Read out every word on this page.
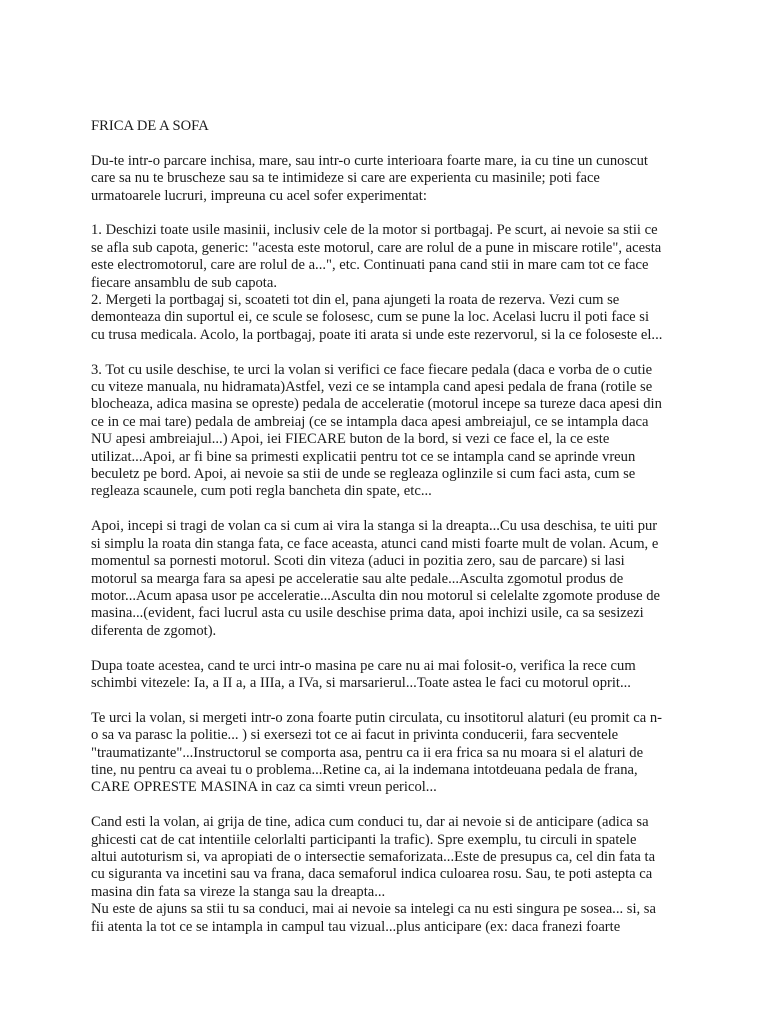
FRICA DE A SOFA

Du-te intr-o parcare inchisa, mare, sau intr-o curte interioara foarte mare, ia cu tine un cunoscut care sa nu te bruscheze sau sa te intimideze si care are experienta cu masinile; poti face urmatoarele lucruri, impreuna cu acel sofer experimentat:

1. Deschizi toate usile masinii, inclusiv cele de la motor si portbagaj. Pe scurt, ai nevoie sa stii ce se afla sub capota, generic: "acesta este motorul, care are rolul de a pune in miscare rotile", acesta este electromotorul, care are rolul de a...", etc. Continuati pana cand stii in mare cam tot ce face fiecare ansamblu de sub capota.

2. Mergeti la portbagaj si, scoateti tot din el, pana ajungeti la roata de rezerva. Vezi cum se demonteaza din suportul ei, ce scule se folosesc, cum se pune la loc. Acelasi lucru il poti face si cu trusa medicala. Acolo, la portbagaj, poate iti arata si unde este rezervorul, si la ce foloseste el...

3. Tot cu usile deschise, te urci la volan si verifici ce face fiecare pedala (daca e vorba de o cutie cu viteze manuala, nu hidramata)Astfel, vezi ce se intampla cand apesi pedala de frana (rotile se blocheaza, adica masina se opreste) pedala de acceleratie (motorul incepe sa tureze daca apesi din ce in ce mai tare) pedala de ambreiaj (ce se intampla daca apesi ambreiajul, ce se intampla daca NU apesi ambreiajul...) Apoi, iei FIECARE buton de la bord, si vezi ce face el, la ce este utilizat...Apoi, ar fi bine sa primesti explicatii pentru tot ce se intampla cand se aprinde vreun beculetz pe bord. Apoi, ai nevoie sa stii de unde se regleaza oglinzile si cum faci asta, cum se regleaza scaunele, cum poti regla bancheta din spate, etc...

Apoi, incepi si tragi de volan ca si cum ai vira la stanga si la dreapta...Cu usa deschisa, te uiti pur si simplu la roata din stanga fata, ce face aceasta, atunci cand misti foarte mult de volan. Acum, e momentul sa pornesti motorul. Scoti din viteza (aduci in pozitia zero, sau de parcare) si lasi motorul sa mearga fara sa apesi pe acceleratie sau alte pedale...Asculta zgomotul produs de motor...Acum apasa usor pe acceleratie...Asculta din nou motorul si celelalte zgomote produse de masina...(evident, faci lucrul asta cu usile deschise prima data, apoi inchizi usile, ca sa sesizezi diferenta de zgomot).

Dupa toate acestea, cand te urci intr-o masina pe care nu ai mai folosit-o, verifica la rece cum schimbi vitezele: Ia, a II a, a IIIa, a IVa, si marsarierul...Toate astea le faci cu motorul oprit...

Te urci la volan, si mergeti intr-o zona foarte putin circulata, cu insotitorul alaturi (eu promit ca n-o sa va parasc la politie... ) si exersezi tot ce ai facut in privinta conducerii, fara secventele "traumatizante"...Instructorul se comporta asa, pentru ca ii era frica sa nu moara si el alaturi de tine, nu pentru ca aveai tu o problema...Retine ca, ai la indemana intotdeuana pedala de frana, CARE OPRESTE MASINA in caz ca simti vreun pericol...

Cand esti la volan, ai grija de tine, adica cum conduci tu, dar ai nevoie si de anticipare (adica sa ghicesti cat de cat intentiile celorlalti participanti la trafic). Spre exemplu, tu circuli in spatele altui autoturism si, va apropiati de o intersectie semaforizata...Este de presupus ca, cel din fata ta cu siguranta va incetini sau va frana, daca semaforul indica culoarea rosu. Sau, te poti astepta ca masina din fata sa vireze la stanga sau la dreapta...

Nu este de ajuns sa stii tu sa conduci, mai ai nevoie sa intelegi ca nu esti singura pe sosea... si, sa fii atenta la tot ce se intampla in campul tau vizual...plus anticipare (ex: daca franezi foarte
